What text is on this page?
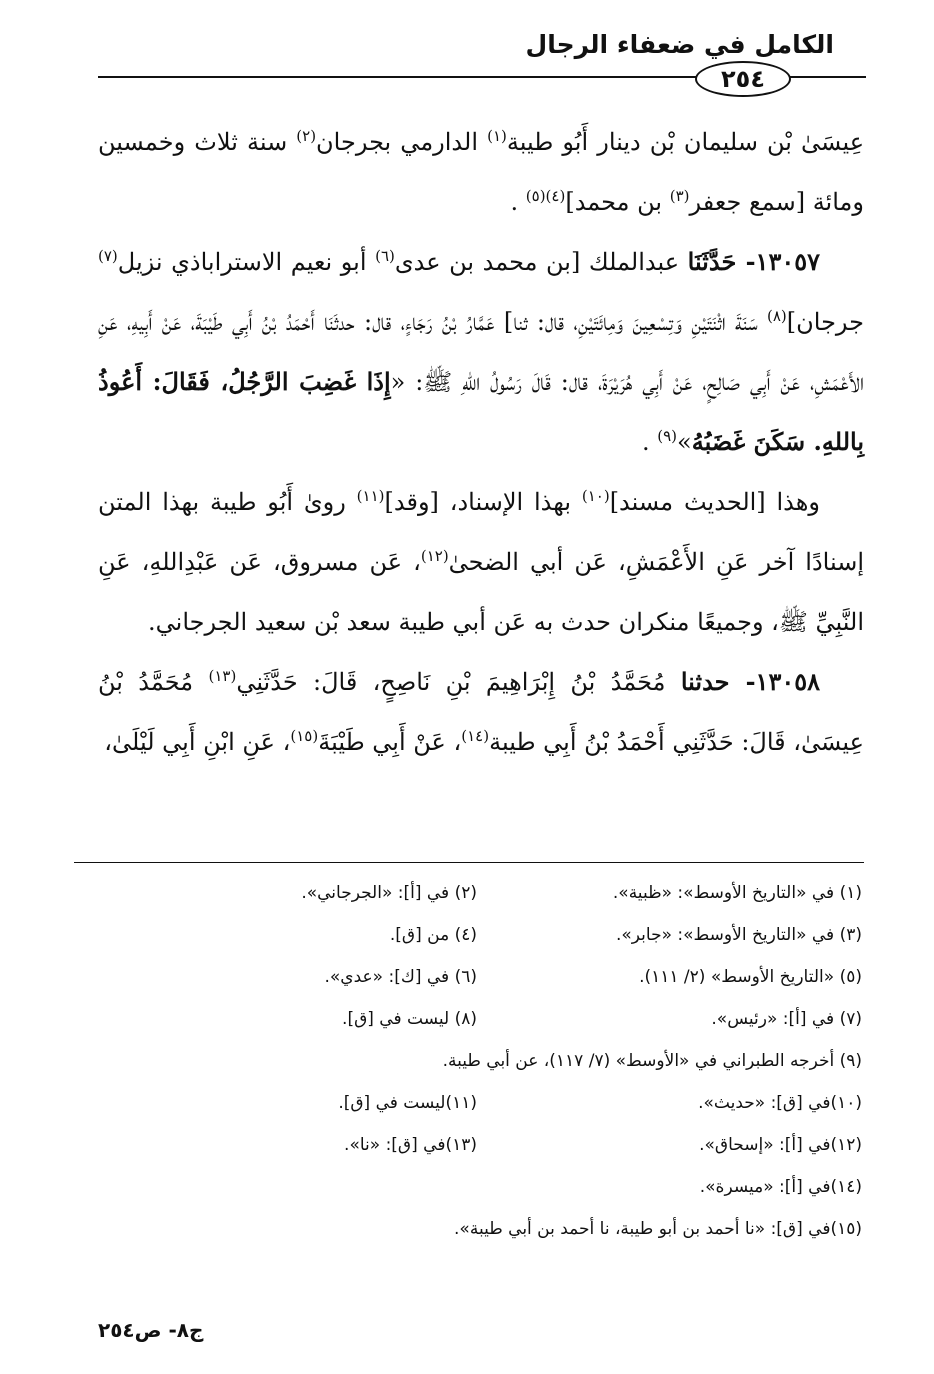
الكامل في ضعفاء الرجال
٢٥٤

عِيسَىٰ بْن سليمان بْن دينار أَبُو طيبة$^{(١)}$ الدارمي بجرجان$^{(٢)}$ سنة ثلاث وخمسين ومائة [سمع جعفر$^{(٣)}$ بن محمد]$^{(٤)(٥)}$ .

١٣٠٥٧- حَدَّثَنَا عبدالملك [بن محمد بن عدى$^{(٦)}$ أبو نعيم الاستراباذي نزيل$^{(٧)}$ جرجان]$^{(٨)}$ سَنَةَ اثْنَتَيْنِ وَتِسْعِينَ وَمِائَتَيْنِ، قال: ثنا] عَمَّارُ بْنُ رَجَاءٍ، قال: حدثَنَا أَحْمَدُ بْنُ أَبِي طَيْبَةَ، عَنْ أَبِيهِ، عَنِ الأَعْمَشِ، عَنْ أَبِي صَالِحٍ، عَنْ أَبِي هُرَيْرَةَ، قال: قَالَ رَسُولُ اللهِ ﷺ: «إِذَا غَضِبَ الرَّجُلُ، فَقَالَ: أَعُوذُ بِاللهِ. سَكَنَ غَضَبُهُ»$^{(٩)}$ .

وهذا [الحديث مسند]$^{(١٠)}$ بهذا الإسناد، [وقد]$^{(١١)}$ روىٰ أَبُو طيبة بهذا المتن إسنادًا آخر عَنِ الأَعْمَشِ، عَن أبي الضحىٰ$^{(١٢)}$، عَن مسروق، عَن عَبْدِاللهِ، عَنِ النَّبِيِّ ﷺ، وجميعًا منكران حدث به عَن أبي طيبة سعد بْن سعيد الجرجاني.

١٣٠٥٨- حدثنا مُحَمَّدُ بْنُ إِبْرَاهِيمَ بْنِ نَاصِحٍ، قَالَ: حَدَّثَنِي$^{(١٣)}$ مُحَمَّدُ بْنُ عِيسَىٰ، قَالَ: حَدَّثَنِي أَحْمَدُ بْنُ أَبِي طيبة$^{(١٤)}$، عَنْ أَبِي طَيْبَةَ$^{(١٥)}$، عَنِ ابْنِ أَبِي لَيْلَىٰ،

(١) في «التاريخ الأوسط»: «ظبية».
(٢) في [أ]: «الجرجاني».
(٣) في «التاريخ الأوسط»: «جابر».
(٤) من [ق].
(٥) «التاريخ الأوسط» (٢/ ١١١).
(٦) في [ك]: «عدي».
(٧) في [أ]: «رئيس».
(٨) ليست في [ق].
(٩) أخرجه الطبراني في «الأوسط» (٧/ ١١٧)، عن أبي طيبة.
(١٠)في [ق]: «حديث».
(١١)ليست في [ق].
(١٢)في [أ]: «إسحاق».
(١٣)في [ق]: «نا».
(١٤)في [أ]: «ميسرة».
(١٥)في [ق]: «نا أحمد بن أبو طيبة، نا أحمد بن أبي طيبة».
ج٨- ص٢٥٤
